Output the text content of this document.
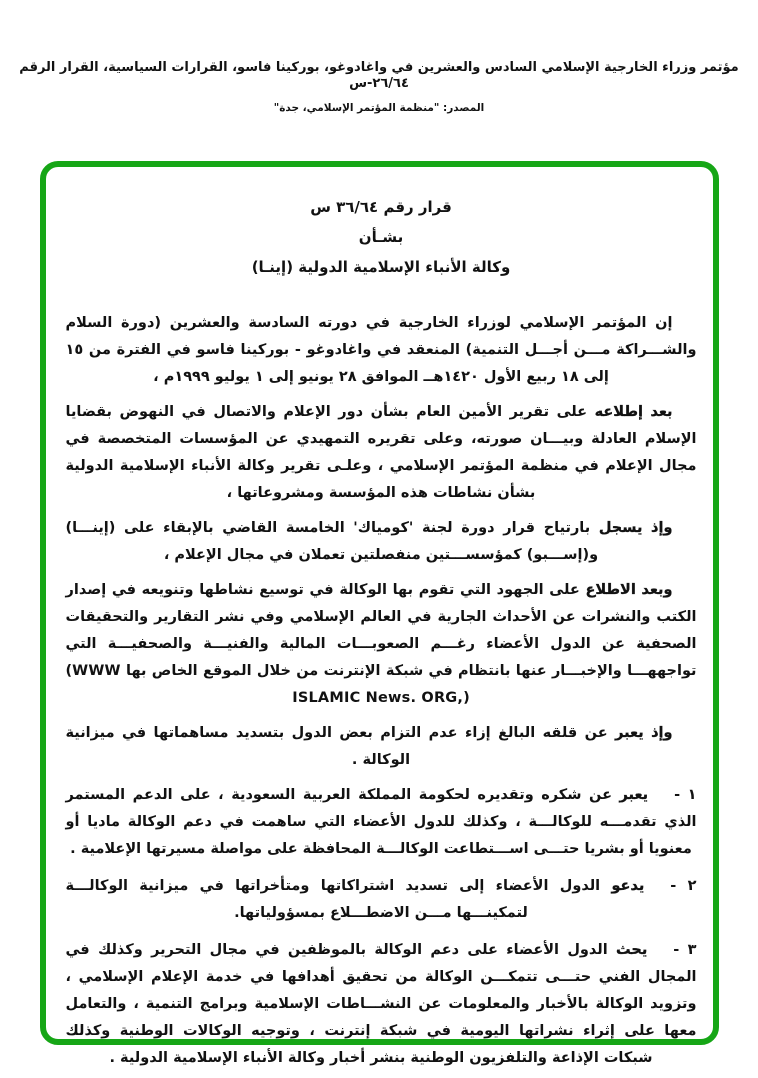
مؤتمر وزراء الخارجية الإسلامي السادس والعشرين في واغادوغو، بوركينا فاسو، القرارات السياسية، القرار الرقم ٢٦/٦٤-س
المصدر: "منظمة المؤتمر الإسلامي، جدة"
قرار رقم ٣٦/٦٤ س
بشـأن
وكالة الأنباء الإسلامية الدولية (إينـا)

إن المؤتمر الإسلامي لوزراء الخارجية في دورته السادسة والعشرين (دورة السلام والشـــراكة مـــن أجـــل التنمية) المنعقد في واغادوغو - بوركينا فاسو في الفترة من ١٥ إلى ١٨ ربيع الأول ١٤٢٠هــ الموافق ٢٨ يونيو إلى ١ يوليو ١٩٩٩م ،

بعد إطلاعه على تقرير الأمين العام بشأن دور الإعلام والاتصال في النهوض بقضايا الإسلام العادلة وبيـــان صورته، وعلى تقريره التمهيدي عن المؤسسات المتخصصة في مجال الإعلام في منظمة المؤتمر الإسلامي ، وعلـى تقرير وكالة الأنباء الإسلامية الدولية بشأن نشاطات هذه المؤسسة ومشروعاتها ،

وإذ يسجل بارتياح قرار دورة لجنة 'كومياك' الخامسة القاضي بالإبقاء على (إينـــا) و(إســـبو) كمؤسســـتين منفصلتين تعملان في مجال الإعلام ،

وبعد الاطلاع على الجهود التي تقوم بها الوكالة في توسيع نشاطها وتنويعه في إصدار الكتب والنشرات عن الأحداث الجارية في العالم الإسلامي وفي نشر التقارير والتحقيقات الصحفية عن الدول الأعضاء رغـــم الصعوبـــات المالية والفنيـــة والصحفيـــة التي تواجههـــا والإخبـــار عنها بانتظام في شبكة الإنترنت من خلال الموقع الخاص بها (WWW ISLAMIC News. ORG,)

وإذ يعبر عن قلقه البالغ إزاء عدم التزام بعض الدول بتسديد مساهماتها في ميزانية الوكالة .

١ -يعبر عن شكره وتقديره لحكومة المملكة العربية السعودية ، على الدعم المستمر الذي تقدمـــه للوكالـــة ، وكذلك للدول الأعضاء التي ساهمت في دعم الوكالة ماديا أو معنويا أو بشريا حتـــى اســـتطاعت الوكالـــة المحافظة على مواصلة مسيرتها الإعلامية .
٢ -يدعو الدول الأعضاء إلى تسديد اشتراكاتها ومتأخراتها في ميزانية الوكالـــة لتمكينـــها مـــن الاضطـــلاع بمسؤولياتها.
٣ -يحث الدول الأعضاء على دعم الوكالة بالموظفين في مجال التحرير وكذلك في المجال الفني حتـــى تتمكـــن الوكالة من تحقيق أهدافها في خدمة الإعلام الإسلامي ، وتزويد الوكالة بالأخبار والمعلومات عن النشـــاطات الإسلامية وبرامج التنمية ، والتعامل معها على إثراء نشراتها اليومية في شبكة إنترنت ، وتوجيه الوكالات الوطنية وكذلك شبكات الإذاعة والتلفزيون الوطنية بنشر أخبار وكالة الأنباء الإسلامية الدولية .
